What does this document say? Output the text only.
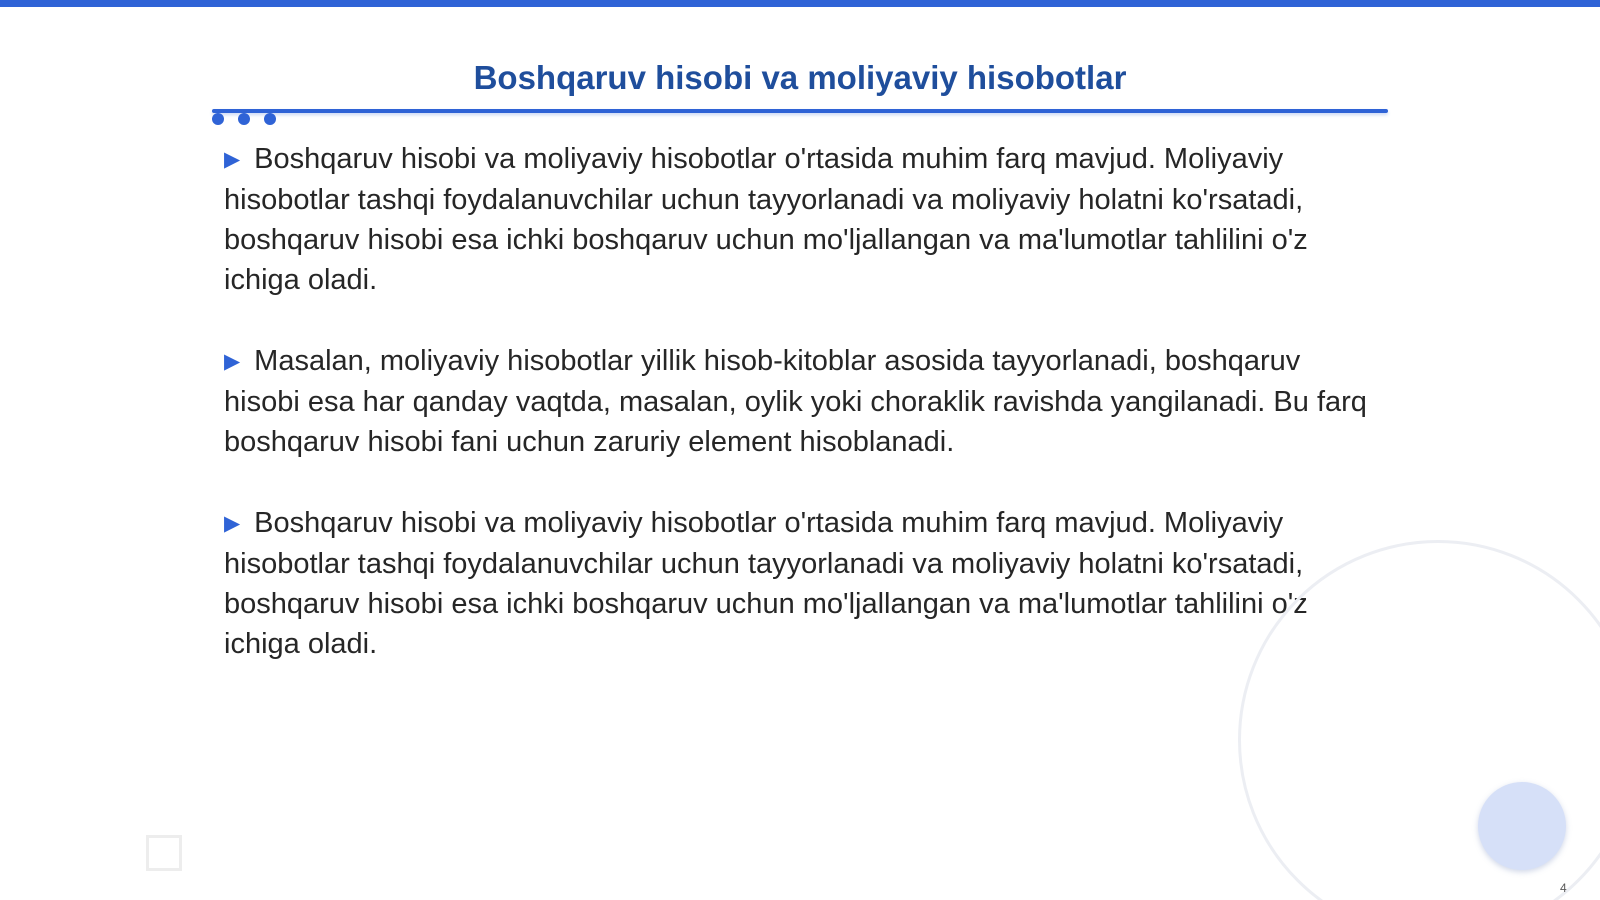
Boshqaruv hisobi va moliyaviy hisobotlar

▶ Boshqaruv hisobi va moliyaviy hisobotlar o'rtasida muhim farq mavjud. Moliyaviy hisobotlar tashqi foydalanuvchilar uchun tayyorlanadi va moliyaviy holatni ko'rsatadi, boshqaruv hisobi esa ichki boshqaruv uchun mo'ljallangan va ma'lumotlar tahlilini o'z ichiga oladi.

▶ Masalan, moliyaviy hisobotlar yillik hisob-kitoblar asosida tayyorlanadi, boshqaruv hisobi esa har qanday vaqtda, masalan, oylik yoki choraklik ravishda yangilanadi. Bu farq boshqaruv hisobi fani uchun zaruriy element hisoblanadi.

▶ Boshqaruv hisobi va moliyaviy hisobotlar o'rtasida muhim farq mavjud. Moliyaviy hisobotlar tashqi foydalanuvchilar uchun tayyorlanadi va moliyaviy holatni ko'rsatadi, boshqaruv hisobi esa ichki boshqaruv uchun mo'ljallangan va ma'lumotlar tahlilini o'z ichiga oladi.

4
